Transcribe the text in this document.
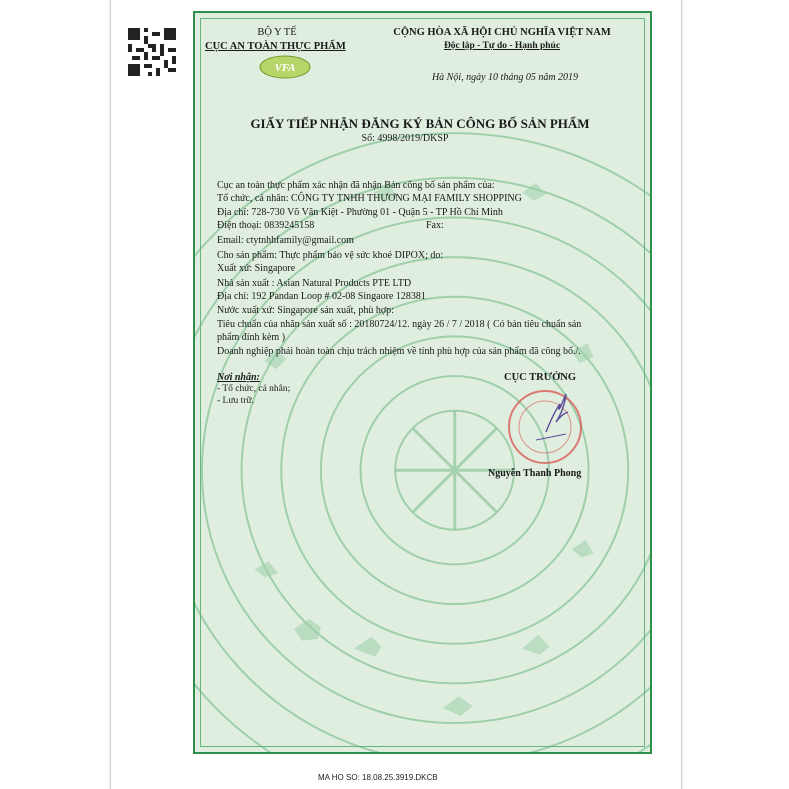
BỘ Y TẾ
CỤC AN TOÀN THỰC PHẨM
VFA
CỘNG HÒA XÃ HỘI CHỦ NGHĨA VIỆT NAM
Độc lập - Tự do - Hạnh phúc
Hà Nội, ngày 10 tháng 05 năm 2019
GIẤY TIẾP NHẬN ĐĂNG KÝ BẢN CÔNG BỐ SẢN PHẨM
Số: 4998/2019/DKSP
Cục an toàn thực phẩm xác nhận đã nhận Bản công bố sản phẩm của:
Tổ chức, cá nhân: CÔNG TY TNHH THƯƠNG MẠI FAMILY SHOPPING
Địa chỉ: 728-730 Võ Văn Kiệt - Phường 01 - Quận 5 - TP Hồ Chí Minh
Điện thoại: 0839245158	Fax:
Email: ctytnhhfamily@gmail.com
Cho sản phẩm: Thực phẩm bảo vệ sức khoẻ DIPOX; do:
Xuất xứ: Singapore
Nhà sản xuất : Asian Natural Products PTE LTD
Địa chỉ: 192 Pandan Loop # 02-08 Singaore 128381
Nước xuất xứ: Singapore sản xuất, phù hợp:
Tiêu chuẩn của nhãn sản xuất số : 20180724/12. ngày 26 / 7 / 2018 ( Có bản tiêu chuẩn sản
phẩm đính kèm )
Doanh nghiệp phải hoàn toàn chịu trách nhiệm về tính phù hợp của sản phẩm đã công bố./.
Nơi nhận:
- Tổ chức, cá nhân;
- Lưu trữ.
CỤC TRƯỞNG
Nguyễn Thanh Phong
MA HO SO: 18.08.25.3919.DKCB
